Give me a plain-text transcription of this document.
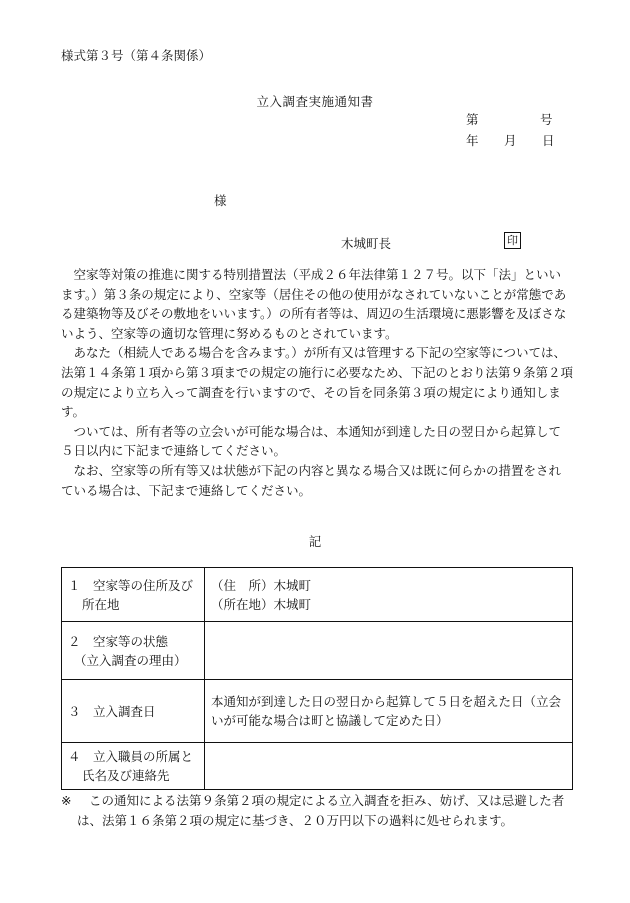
様式第３号（第４条関係）
立入調査実施通知書
第	号
年 月 日
様
木城町長	印

空家等対策の推進に関する特別措置法（平成２６年法律第１２７号。以下「法」といいます。）第３条の規定により、空家等（居住その他の使用がなされていないことが常態である建築物等及びその敷地をいいます。）の所有者等は、周辺の生活環境に悪影響を及ぼさないよう、空家等の適切な管理に努めるものとされています。

あなた（相続人である場合を含みます。）が所有又は管理する下記の空家等については、法第１４条第１項から第３項までの規定の施行に必要なため、下記のとおり法第９条第２項の規定により立ち入って調査を行いますので、その旨を同条第３項の規定により通知します。

ついては、所有者等の立会いが可能な場合は、本通知が到達した日の翌日から起算して５日以内に下記まで連絡してください。

なお、空家等の所有等又は状態が下記の内容と異なる場合又は既に何らかの措置をされている場合は、下記まで連絡してください。

記
１　空家等の住所及び
所在地	（住　所）木城町
（所在地）木城町

２　空家等の状態
（立入調査の理由）	

３　立入調査日	本通知が到達した日の翌日から起算して５日を超えた日（立会
いが可能な場合は町と協議して定めた日）

４　立入職員の所属と
氏名及び連絡先	

※ この通知による法第９条第２項の規定による立入調査を拒み、妨げ、又は忌避した者
は、法第１６条第２項の規定に基づき、２０万円以下の過料に処せられます。
